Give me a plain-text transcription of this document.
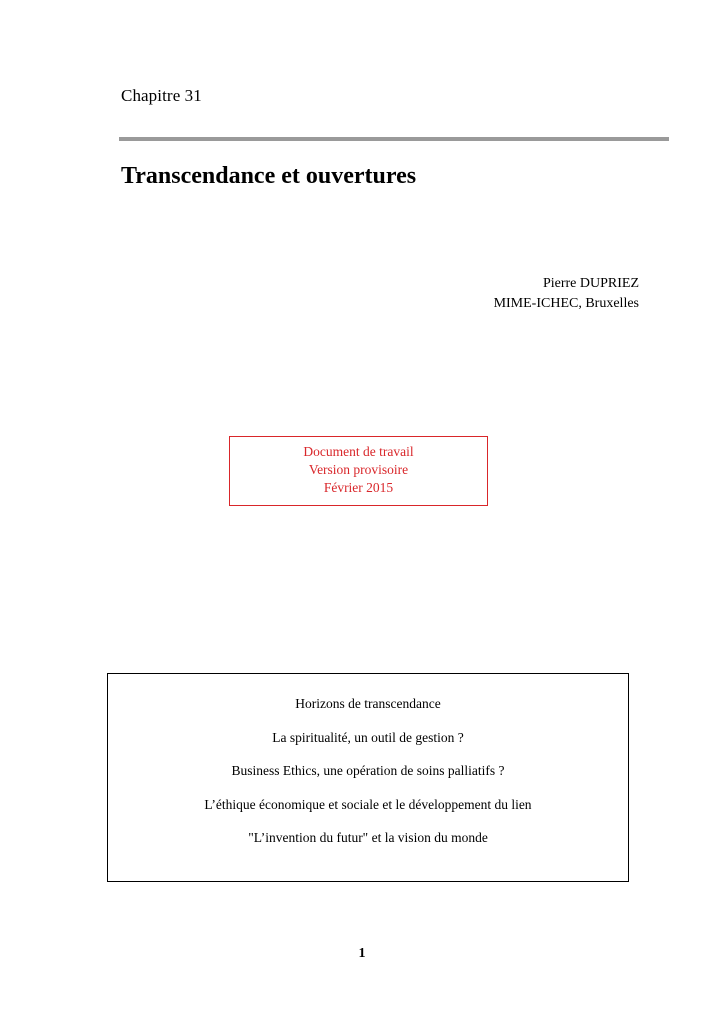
Chapitre 31
Transcendance et ouvertures
Pierre DUPRIEZ
MIME-ICHEC, Bruxelles
Document de travail
Version provisoire
Février 2015

Horizons de transcendance

La spiritualité, un outil de gestion ?

Business Ethics, une opération de soins palliatifs ?

L’éthique économique et sociale et le développement du lien

"L’invention du futur" et la vision du monde

1
